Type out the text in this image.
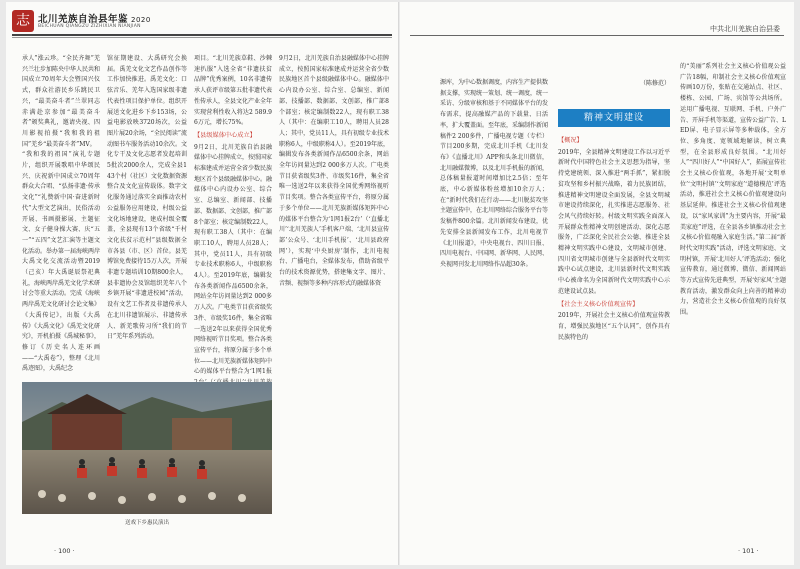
志 北川羌族自治县年鉴 2020
BEICHUAN QIANGZU ZIZHIXIAN NIANJIAN

承人”涨云珍。“全民齐舞”羌兴兰壮步加陈央中华人民共和国成立70周年大会暨国兴仪式，群众社游民乡乐跳民卫兴，“最美奋斗者”兰翠同志赤满赴京参加“最美奋斗者”颁奖典礼，邀请央视、四川影视拍摄“我和我的祖国”羌乡“最美奋斗者”MV。

“我和我的祖国”演礼专题片，组织开展歌唱中华颂民兴、庆祝新中国成立70周年群众大合唱、“弘扬非遗·传承文化”“礼赞新中国·奋进新时代”大型文艺演出，民俗活动开展、书画摄影展、主题征文、女子健身操大赛、庆“五一”“五四”文艺汇演等主题文化活动。举办第一届海峡两岸大禹文化交流活动暨2019（己亥）年大禹诞辰祭祀典礼，海峡两岸禹羌文化学术研讨会等重大活动。完成《海峡两岸禹羌文化研讨会论文集》《大禹传记》，出版《大禹传》《大禹文化》《禹羌文化研究》，开机拍摄《禹城秘事》，修订《历史名人连环画——“大禹卷”》，整理《北川禹迹图》，大禹纪念

馆征期建设、大禹研究会换届。禹羌文化文艺作品创作等工作加快推进。禹羌文化：口弦音乐、羌年入选国家级非遗代表性项目保护单位。组织开展送文化进乡下乡153场，公益电影放映3720场次，公益图片展20余场，“全民阅读”流动图书车服务活动10余次。文化专干及文化志愿者发起培训5批次2000余人，完成全县143个村（社区）文化数据资源整合及文化宣传载体。数字文化服务通过落实全面推动农村公益服务应用建设，村级公益文化场地建设，建成村级全覆盖，全县现有13个省级“千村文化扶贫示范村”县级数据全市各县（市、区）首位。县羌博馆免费接待15万人次，开展非遗专题培训10期800余人，县非遗协会及馆组织羌年八个乡镇开展“非遗进校园”活动，设有文艺工作者及非遗传承人在北川非遗馆展示、非遗传承人、新羌歌传习所“我们的节日”羌年系列活动。

项目。“北川羌族草鞋、沙棘速扒服”入选全省“非遗扶贫品牌”优秀案例，10名非遗传承人获评市级第五批非遗代表性传承人，全县文化产业全年实现营利性收入将达2 589.96万元，增长75%。

【县级媒体中心成立】

9月2日，北川羌族自治县融媒体中心挂牌成立，按照国家标准建成并运营全省少数民族地区首个县级融媒体中心。融媒体中心内设办公室、综合室、总编室、新闻部、技播部、数据部、文创部，推广部8个部室；核定编制数22人，现有职工38人（其中：在编职工10人，聘用人员28人；其中，党员11人，具有初级专业技术职称6人，中级职称4人）。至2019年底，编辑发布各类新闻作品6500余条，网站全年访问量达到2 000多万人次。广电类节目获省级奖3件、市级奖16件，集全省唯一选送2年以来获得全国优秀网络视听节目奖项。整合各类宣传平台，将原分属于多个单位——北川羌族新媒体矩阵中心的媒体平台整合为‘1网1报

9月2日，北川羌族自治县融媒体中心挂牌成立，按照国家标准建成并运营全省少数民族地区首个县级融媒体中心。融媒体中心内设办公室、综合室、总编室、新闻部、技播部、数据部、文创部，推广部8个部室；核定编制数22人，现有职工38人（其中：在编职工10人，聘用人员28人；其中，党员11人，具有初级专业技术职称6人，中级职称4人）。至2019年底，编辑发布各类新闻作品6500余条，网站全年访问量达到2 000多万人次。广电类节目获省级奖3件、市级奖16件，集全省唯一选送2年以来获得全国优秀网络视听节目奖项。整合各类宣传平台，将原分属于多个单位——北川羌族新媒体矩阵中心的媒体平台整合为‘1网1报2台’（‘直播北川’‘北川羌族人’手机客户端、‘北川县宣传部’公众号、‘北川手机报’、‘北川县政府网’），实现‘中央厨房’制作，北川电视台、广播电台，全媒体发布，借助省级平台的技术资源优势，搭建集文字、图片、音频、视频等多种内容形式的融媒体资

送戏下乡惠民演出
· 100 ·
中共北川羌族自治县委

源库，为中心数据调度，内容生产提供数据支撑，实现统一策划、统一调度，统一采访、分级审核和基于不同媒体平台的发布需求，提高融媒产品的下载量、日活率，扩大覆盖面。至年底，采编制作新闻稿件2 200多件，广播电视专题（专栏）节目200多期，完成北川手机《北川发布》《直播北川》APP和头条北川微信，北川融媒微博，以及北川手机报的新闻，总体稿量报道时间增加比2.5倍；至年底，中心新媒体粉丝增加10余万人；在“新时代我们在行动——北川脱贫攻坚主题宣传中，在北川网络综合服务平台等发稿件800余篇。北川新闻发布建设，优先安排全县新闻发布工作，北川电视节《北川报道》，中央电视台、四川日报、四川电视台、中国网、新华网、人民网、央视网刊发北川网络作品超30条。

（陈修范）
精神文明建设
【概况】

2019年，全县精神文明建设工作以习近平新时代中国特色社会主义思想为指导，坚持党建统领、深入推进“两手抓”，紧扣脱贫攻坚和乡村振兴战略，着力民族团结，推进精神文明建设全面发展，全县文明城市建设持续深化，扎实推进志愿服务、社会风气持续好转。村级文明实践全面深入开展群众性精神文明创建活动、深化志愿服务，广泛深化全民社会公德、推进全县精神文明实践中心建设，文明城市创建、四川省文明城市创建与全县新时代文明实践中心试点建设，北川县新时代文明实践中心被命名为全国新时代文明实践中心示范建设试点县。

【社会主义核心价值观宣传】

2019年，开展社会主义核心价值观宣传教育，增强民族地区“五个认同”，创作具有民族特色的

的“美丽”系列社会主义核心价值观公益广告18幅，印制社会主义核心价值观宣传画10万份，张贴在交通站点、社区、楼栋、公园、广场、宾馆等公共场所。运用广播电视、互联网、手机、户外广告、开屏手机等渠道，宣传公益广告、LED屏、电子显示屏等多种载体，全方位、多角度、宽领域地解读，树立典型，在全县形成良好氛围。“北川好人”“四川好人”“中国好人”，拓展宣传社会主义核心价值观，各地开展‘文明单位’‘文明村镇’‘文明家庭’‘道德模范’评选活动，推进社会主义核心价值观建设向基层延伸。推进社会主义核心价值观建设，以“家风家训”为主要内容，开展“最美家庭”评选，在全县各乡镇推动社会主义核心价值观融入家庭生活。”第二届“新时代文明实践”活动，评选文明家庭、文明村镇，开展‘北川好人’评选活动；强化宣传教育，通过微博、微信、新闻网站等方式宣传先进典型，开展‘好家风’主题教育活动，激发群众向上向善的精神动力，营造社会主义核心价值观的良好氛围。

· 101 ·
